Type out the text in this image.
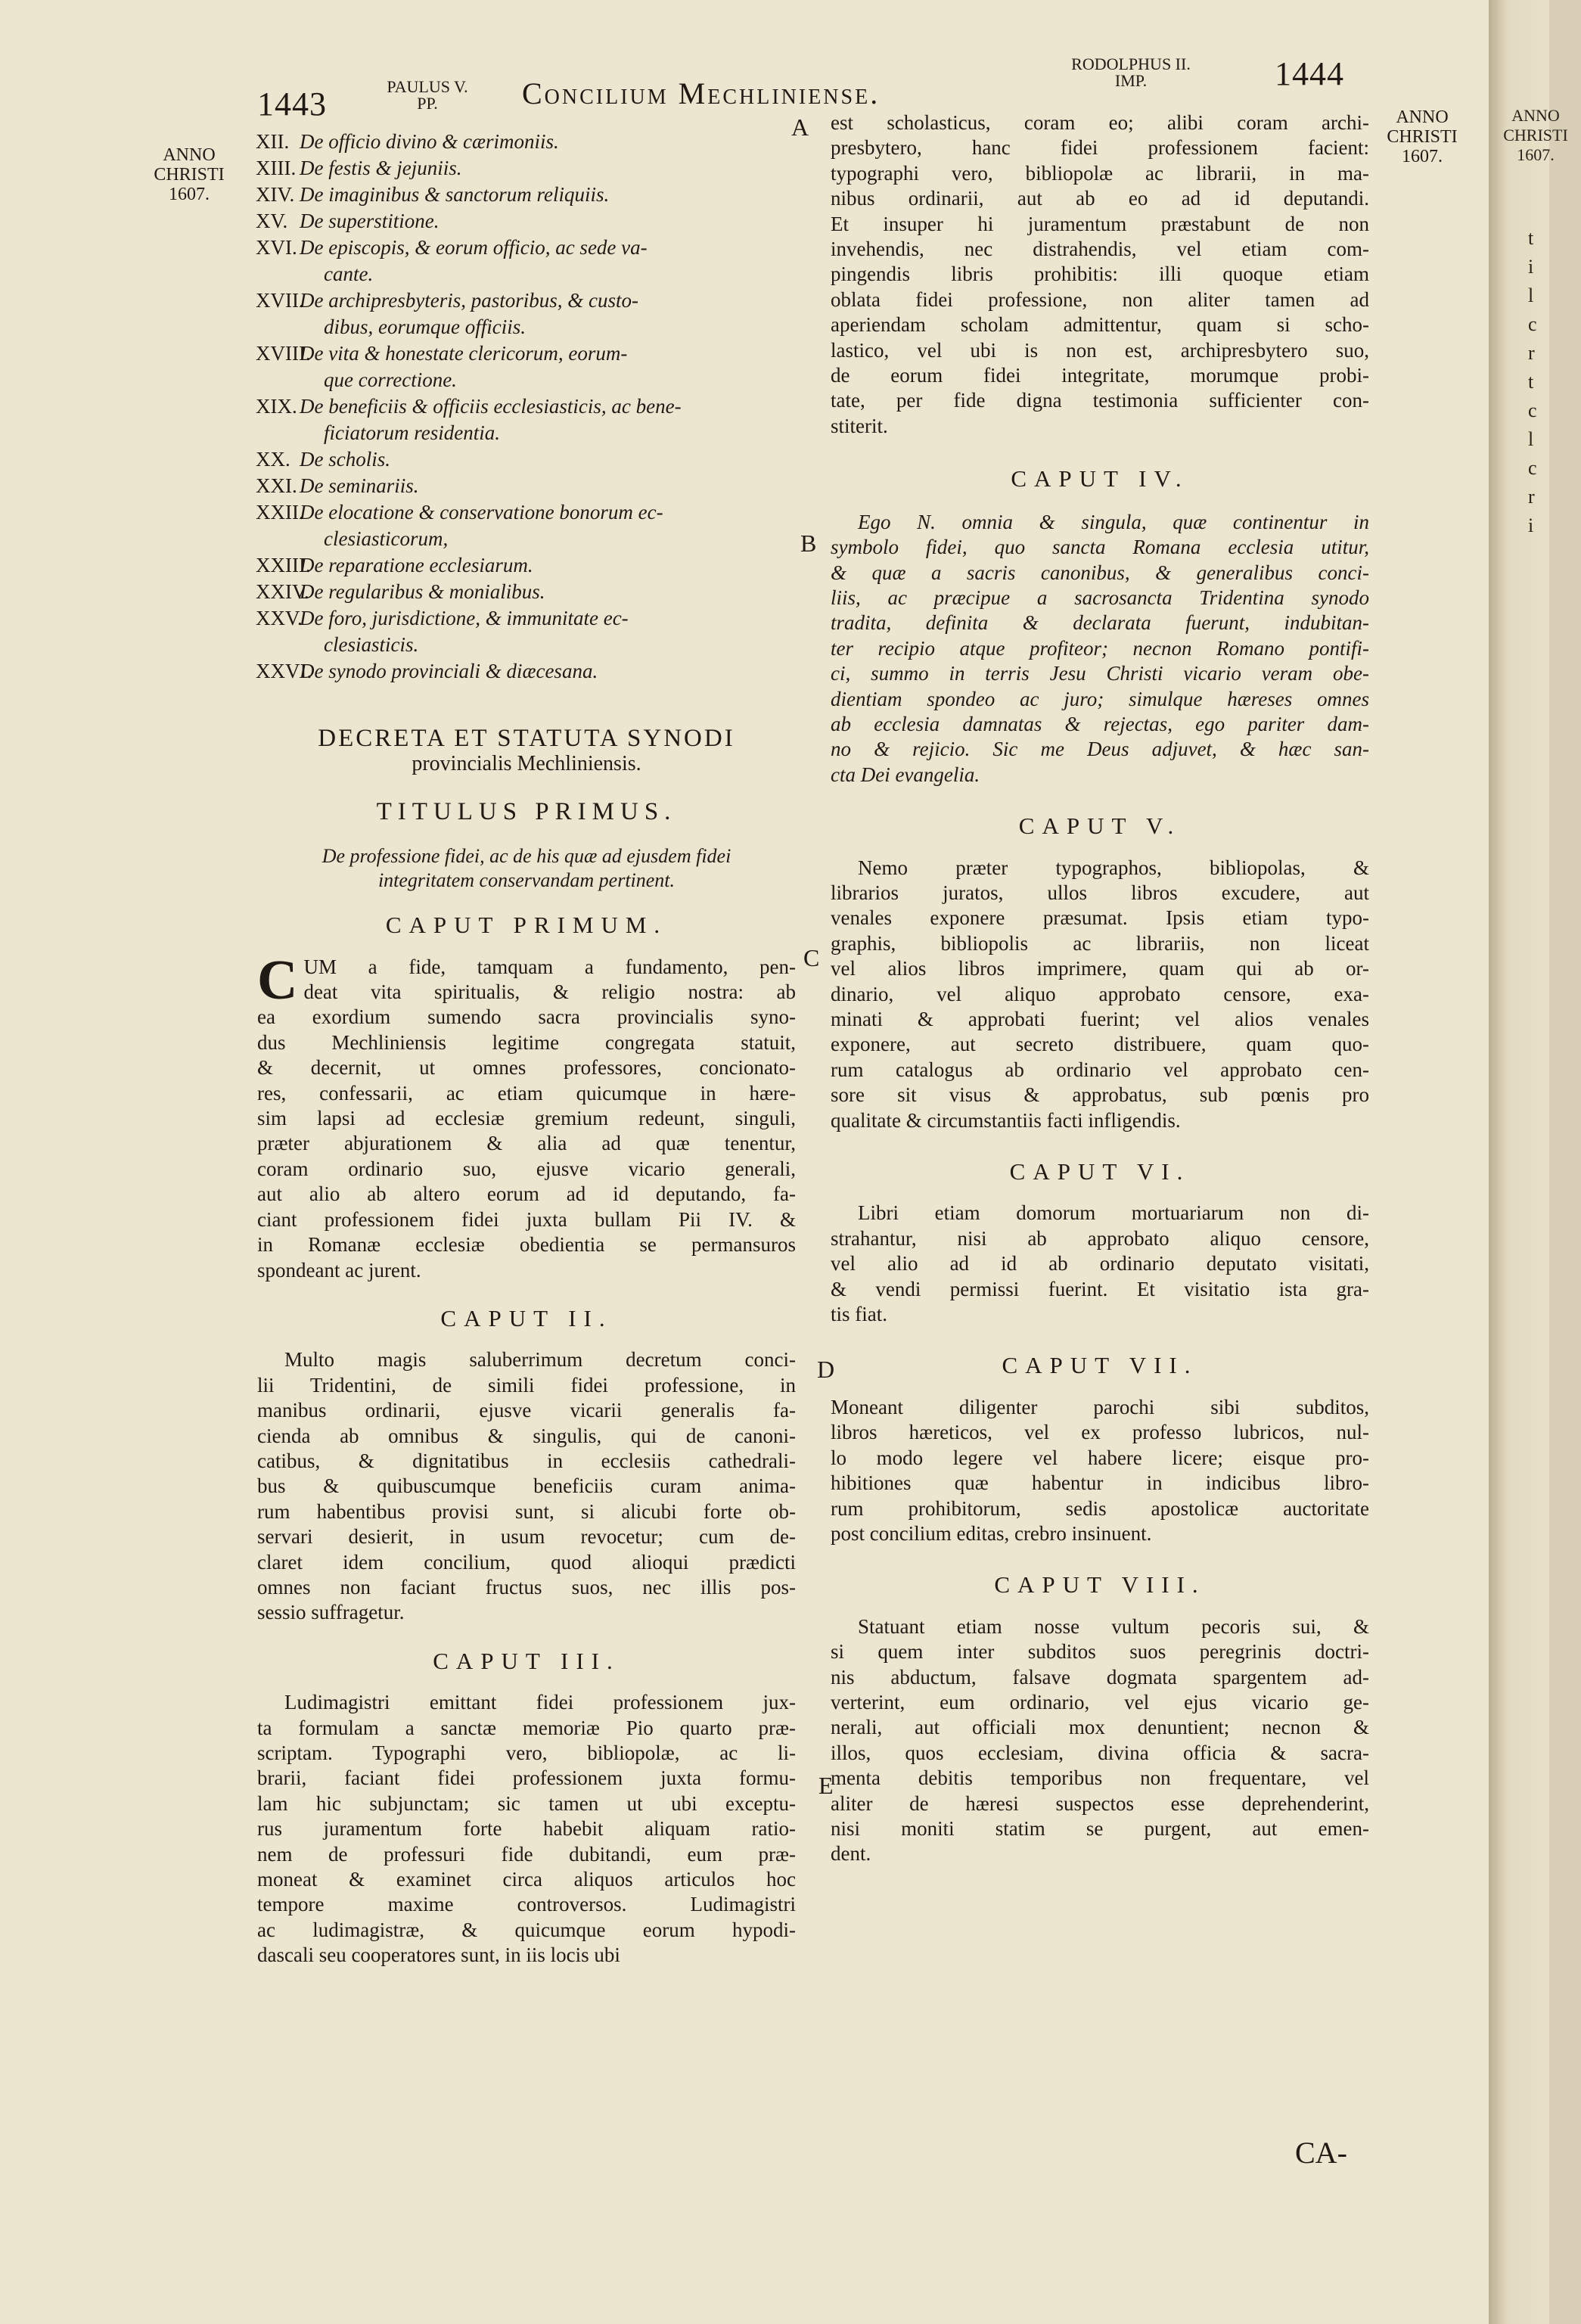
1443	PAULUS V.
PP.	Concilium Mechliniense.
RODOLPHUS II.
IMP.	1444
ANNO
CHRISTI
1607.
ANNO
CHRISTI
1607.
A
B
C
D
E
XII. De officio divino & cærimoniis.
XIII. De festis & jejuniis.
XIV. De imaginibus & sanctorum reliquiis.
XV. De superstitione.
XVI. De episcopis, & eorum officio, ac sede va-
cante.
XVII.
De archipresbyteris, pastoribus, & custo-
dibus, eorumque officiis.
XVIII.
De vita & honestate clericorum, eorum-
que correctione.
XIX. De beneficiis & officiis ecclesiasticis, ac bene-
ficiatorum residentia.
XX. De scholis.
XXI. De seminariis.
XXII.
De elocatione & conservatione bonorum ec-
clesiasticorum,
XXIII.
De reparatione ecclesiarum.
XXIV.
De regularibus & monialibus.
XXV.
De foro, jurisdictione, & immunitate ec-
clesiasticis.
XXVI.
De synodo provinciali & diæcesana.
DECRETA ET STATUTA SYNODI
provincialis Mechliniensis.
TITULUS PRIMUS.
De professione fidei, ac de his quæ ad ejusdem fidei
integritatem conservandam pertinent.
CAPUT PRIMUM.
C UM a fide, tamquam a fundamento, pen-
deat vita spiritualis, & religio nostra: ab
ea exordium sumendo sacra provincialis syno-
dus Mechliniensis legitime congregata statuit,
& decernit, ut omnes professores, concionato-
res, confessarii, ac etiam quicumque in hære-
sim lapsi ad ecclesiæ gremium redeunt, singuli,
præter abjurationem & alia ad quæ tenentur,
coram ordinario suo, ejusve vicario generali,
aut alio ab altero eorum ad id deputando, fa-
ciant professionem fidei juxta bullam Pii IV. &
in Romanæ ecclesiæ obedientia se permansuros
spondeant ac jurent.
CAPUT II.
Multo magis saluberrimum decretum conci-
lii Tridentini, de simili fidei professione, in
manibus ordinarii, ejusve vicarii generalis fa-
cienda ab omnibus & singulis, qui de canoni-
catibus, & dignitatibus in ecclesiis cathedrali-
bus & quibuscumque beneficiis curam anima-
rum habentibus provisi sunt, si alicubi forte ob-
servari desierit, in usum revocetur; cum de-
claret idem concilium, quod alioqui prædicti
omnes non faciant fructus suos, nec illis pos-
sessio suffragetur.
CAPUT III.
Ludimagistri emittant fidei professionem jux-
ta formulam a sanctæ memoriæ Pio quarto præ-
scriptam. Typographi vero, bibliopolæ, ac li-
brarii, faciant fidei professionem juxta formu-
lam hic subjunctam; sic tamen ut ubi exceptu-
rus juramentum forte habebit aliquam ratio-
nem de professuri fide dubitandi, eum præ-
moneat & examinet circa aliquos articulos hoc
tempore maxime controversos. Ludimagistri
ac ludimagistræ, & quicumque eorum hypodi-
dascali seu cooperatores sunt, in iis locis ubi
est scholasticus, coram eo; alibi coram archi-
presbytero, hanc fidei professionem facient:
typographi vero, bibliopolæ ac librarii, in ma-
nibus ordinarii, aut ab eo ad id deputandi.
Et insuper hi juramentum præstabunt de non
invehendis, nec distrahendis, vel etiam com-
pingendis libris prohibitis: illi quoque etiam
oblata fidei professione, non aliter tamen ad
aperiendam scholam admittentur, quam si scho-
lastico, vel ubi is non est, archipresbytero suo,
de eorum fidei integritate, morumque probi-
tate, per fide digna testimonia sufficienter con-
stiterit.
CAPUT IV.
Ego N. omnia & singula, quæ continentur in
symbolo fidei, quo sancta Romana ecclesia utitur,
& quæ a sacris canonibus, & generalibus conci-
liis, ac præcipue a sacrosancta Tridentina synodo
tradita, definita & declarata fuerunt, indubitan-
ter recipio atque profiteor; necnon Romano pontifi-
ci, summo in terris Jesu Christi vicario veram obe-
dientiam spondeo ac juro; simulque hæreses omnes
ab ecclesia damnatas & rejectas, ego pariter dam-
no & rejicio. Sic me Deus adjuvet, & hæc san-
cta Dei evangelia.
CAPUT V.
Nemo præter typographos, bibliopolas, &
librarios juratos, ullos libros excudere, aut
venales exponere præsumat. Ipsis etiam typo-
graphis, bibliopolis ac librariis, non liceat
vel alios libros imprimere, quam qui ab or-
dinario, vel aliquo approbato censore, exa-
minati & approbati fuerint; vel alios venales
exponere, aut secreto distribuere, quam quo-
rum catalogus ab ordinario vel approbato cen-
sore sit visus & approbatus, sub pœnis pro
qualitate & circumstantiis facti infligendis.
CAPUT VI.
Libri etiam domorum mortuariarum non di-
strahantur, nisi ab approbato aliquo censore,
vel alio ad id ab ordinario deputato visitati,
& vendi permissi fuerint. Et visitatio ista gra-
tis fiat.
CAPUT VII.
Moneant diligenter parochi sibi subditos,
libros hæreticos, vel ex professo lubricos, nul-
lo modo legere vel habere licere; eisque pro-
hibitiones quæ habentur in indicibus libro-
rum prohibitorum, sedis apostolicæ auctoritate
post concilium editas, crebro insinuent.
CAPUT VIII.
Statuant etiam nosse vultum pecoris sui, &
si quem inter subditos suos peregrinis doctri-
nis abductum, falsave dogmata spargentem ad-
verterint, eum ordinario, vel ejus vicario ge-
nerali, aut officiali mox denuntient; necnon &
illos, quos ecclesiam, divina officia & sacra-
menta debitis temporibus non frequentare, vel
aliter de hæresi suspectos esse deprehenderint,
nisi moniti statim se purgent, aut emen-
dent.
CA-
ANNO
CHRISTI
1607.
t
i
l
c
r
t
c
l
c
r
i
